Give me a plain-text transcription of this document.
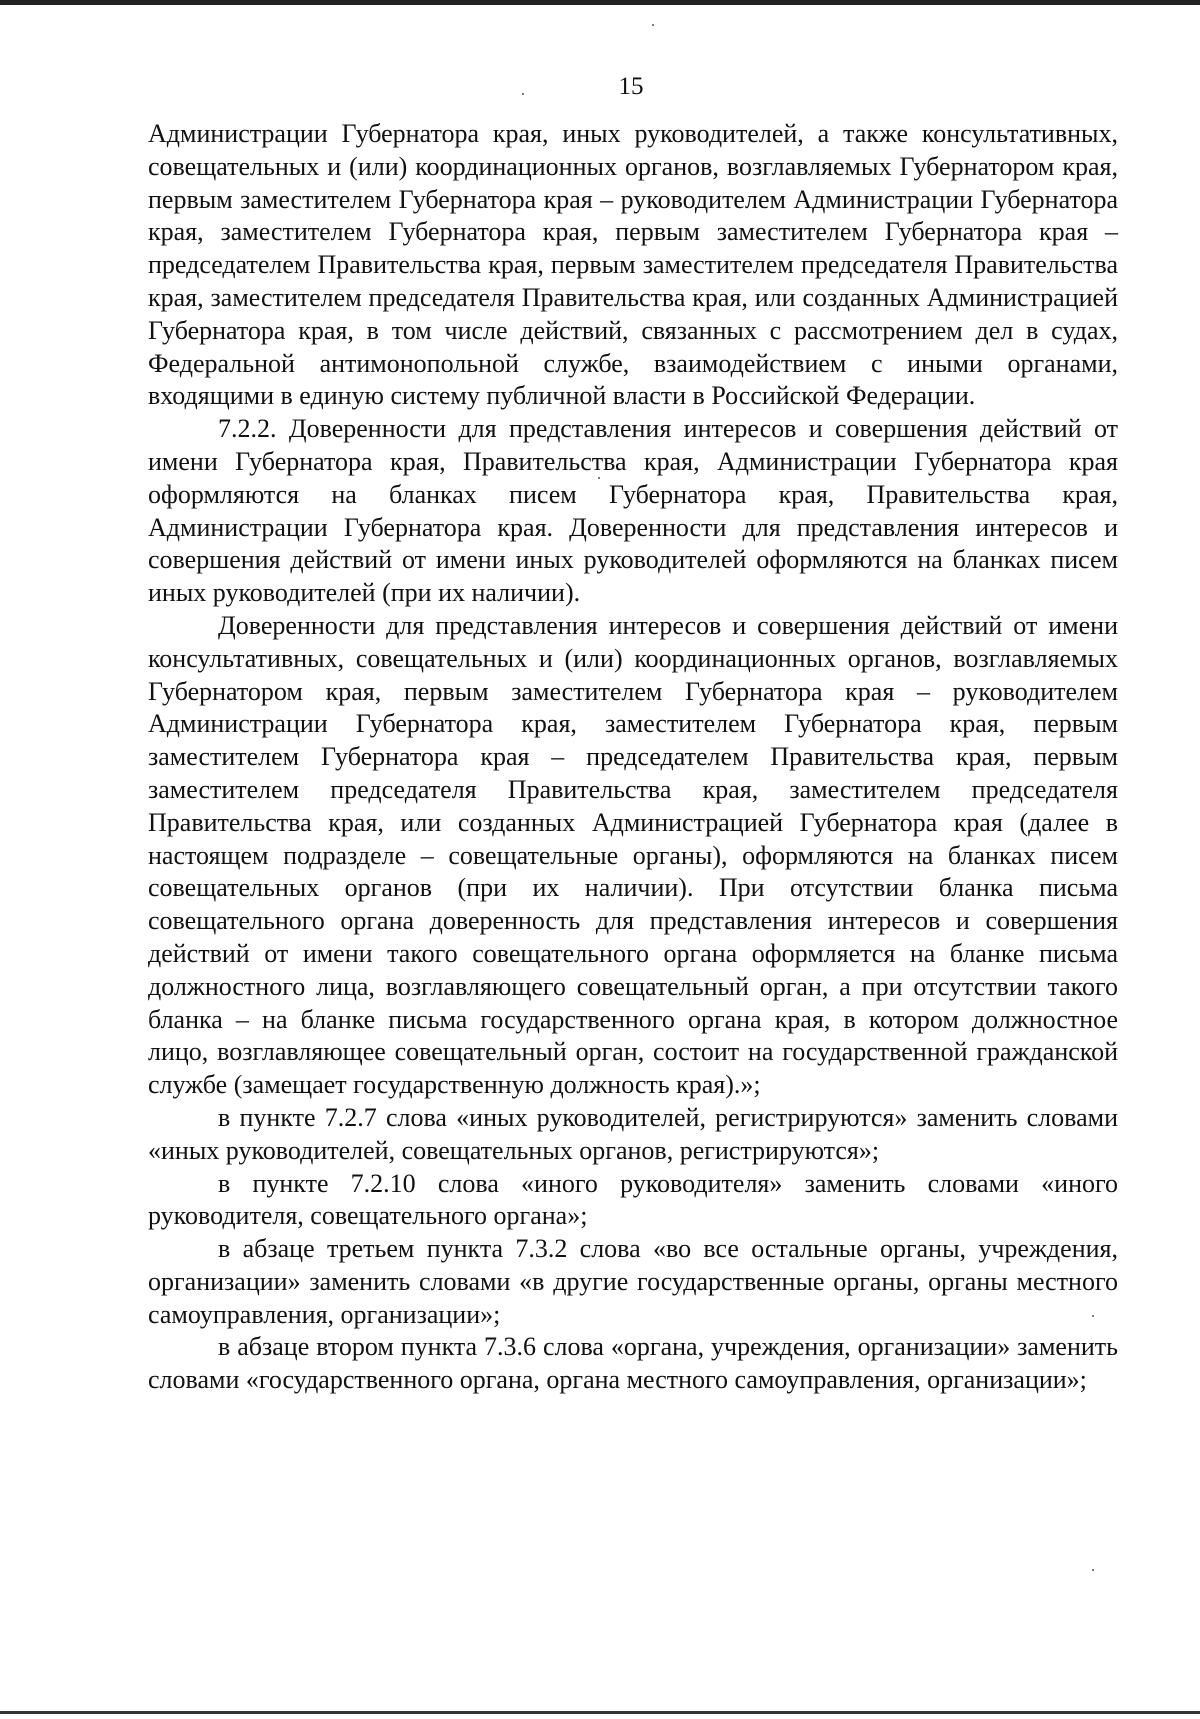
15

Администрации Губернатора края, иных руководителей, а также консультативных, совещательных и (или) координационных органов, возглавляемых Губернатором края, первым заместителем Губернатора края – руководителем Администрации Губернатора края, заместителем Губернатора края, первым заместителем Губернатора края – председателем Правительства края, первым заместителем председателя Правительства края, заместителем председателя Правительства края, или созданных Администрацией Губернатора края, в том числе действий, связанных с рассмотрением дел в судах, Федеральной антимонопольной службе, взаимодействием с иными органами, входящими в единую систему публичной власти в Российской Федерации.

7.2.2. Доверенности для представления интересов и совершения действий от имени Губернатора края, Правительства края, Администрации Губернатора края оформляются на бланках писем Губернатора края, Правительства края, Администрации Губернатора края. Доверенности для представления интересов и совершения действий от имени иных руководителей оформляются на бланках писем иных руководителей (при их наличии).

Доверенности для представления интересов и совершения действий от имени консультативных, совещательных и (или) координационных органов, возглавляемых Губернатором края, первым заместителем Губернатора края – руководителем Администрации Губернатора края, заместителем Губернатора края, первым заместителем Губернатора края – председателем Правительства края, первым заместителем председателя Правительства края, заместителем председателя Правительства края, или созданных Администрацией Губернатора края (далее в настоящем подразделе – совещательные органы), оформляются на бланках писем совещательных органов (при их наличии). При отсутствии бланка письма совещательного органа доверенность для представления интересов и совершения действий от имени такого совещательного органа оформляется на бланке письма должностного лица, возглавляющего совещательный орган, а при отсутствии такого бланка – на бланке письма государственного органа края, в котором должностное лицо, возглавляющее совещательный орган, состоит на государственной гражданской службе (замещает государственную должность края).»;

в пункте 7.2.7 слова «иных руководителей, регистрируются» заменить словами «иных руководителей, совещательных органов, регистрируются»;

в пункте 7.2.10 слова «иного руководителя» заменить словами «иного руководителя, совещательного органа»;

в абзаце третьем пункта 7.3.2 слова «во все остальные органы, учреждения, организации» заменить словами «в другие государственные органы, органы местного самоуправления, организации»;

в абзаце втором пункта 7.3.6 слова «органа, учреждения, организации» заменить словами «государственного органа, органа местного самоуправления, организации»;
